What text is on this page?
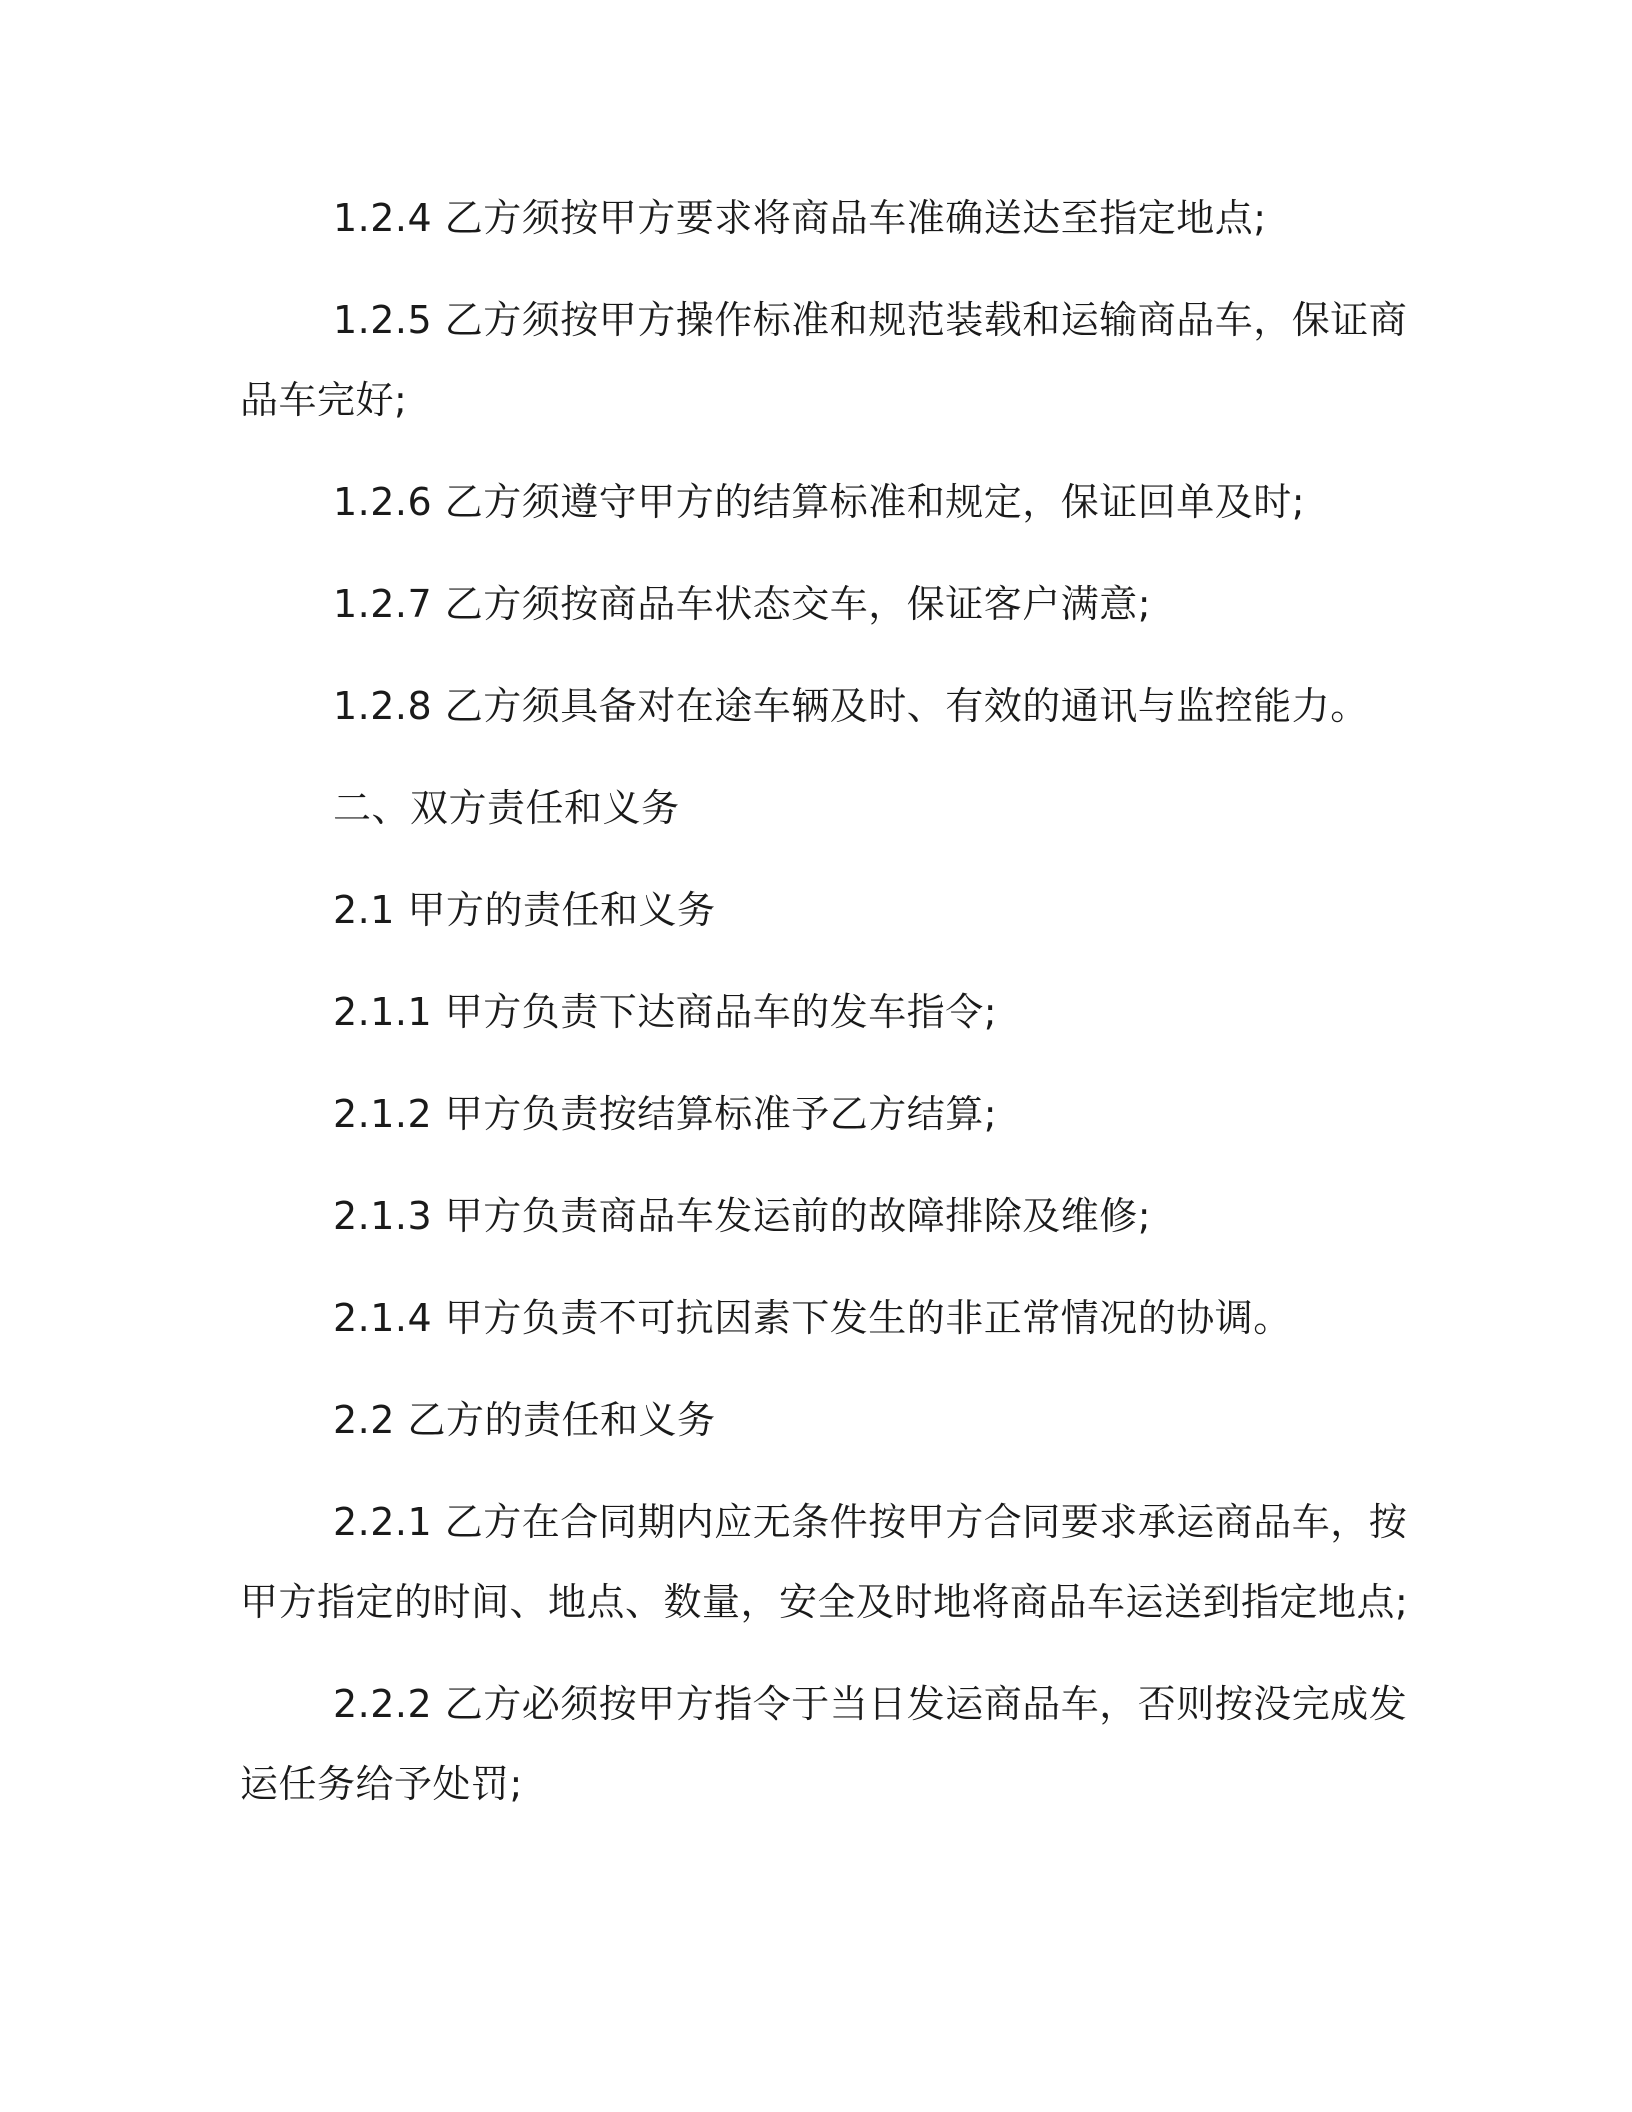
1.2.4 乙方须按甲方要求将商品车准确送达至指定地点;
1.2.5 乙方须按甲方操作标准和规范装载和运输商品车，保证商
品车完好;
1.2.6 乙方须遵守甲方的结算标准和规定，保证回单及时;
1.2.7 乙方须按商品车状态交车，保证客户满意;
1.2.8 乙方须具备对在途车辆及时、有效的通讯与监控能力。
二、双方责任和义务
2.1 甲方的责任和义务
2.1.1 甲方负责下达商品车的发车指令;
2.1.2 甲方负责按结算标准予乙方结算;
2.1.3 甲方负责商品车发运前的故障排除及维修;
2.1.4 甲方负责不可抗因素下发生的非正常情况的协调。
2.2 乙方的责任和义务
2.2.1 乙方在合同期内应无条件按甲方合同要求承运商品车，按
甲方指定的时间、地点、数量，安全及时地将商品车运送到指定地点;
2.2.2 乙方必须按甲方指令于当日发运商品车，否则按没完成发
运任务给予处罚;
